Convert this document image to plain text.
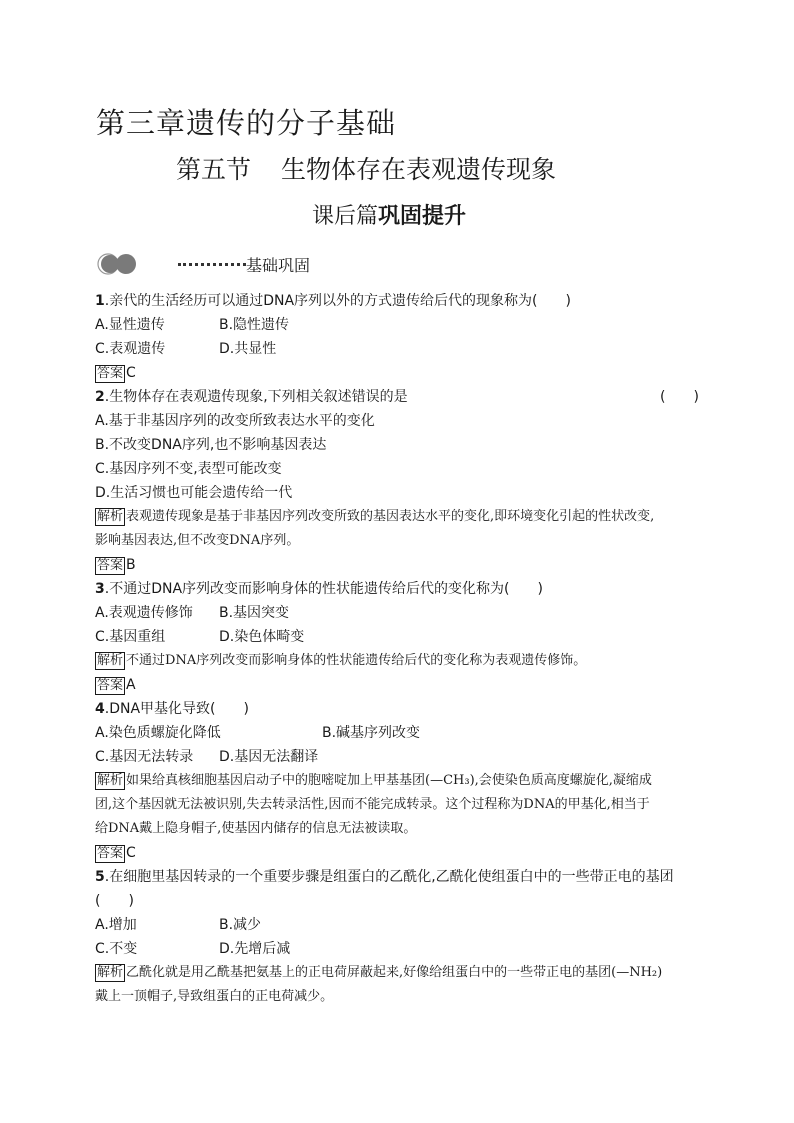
第三章遗传的分子基础
第五节 生物体存在表观遗传现象
课后篇巩固提升
基础巩固
1.亲代的生活经历可以通过DNA序列以外的方式遗传给后代的现象称为(　　)
A.显性遗传	B.隐性遗传
C.表观遗传	D.共显性
答案 C
2.生物体存在表观遗传现象,下列相关叙述错误的是	(　　)
A.基于非基因序列的改变所致表达水平的变化
B.不改变DNA序列,也不影响基因表达
C.基因序列不变,表型可能改变
D.生活习惯也可能会遗传给一代
解析 表观遗传现象是基于非基因序列改变所致的基因表达水平的变化,即环境变化引起的性状改变,
影响基因表达,但不改变DNA序列。
答案 B
3.不通过DNA序列改变而影响身体的性状能遗传给后代的变化称为(　　)
A.表观遗传修饰 B.基因突变
C.基因重组	D.染色体畸变
解析 不通过DNA序列改变而影响身体的性状能遗传给后代的变化称为表观遗传修饰。
答案 A
4.DNA甲基化导致(　　)
A.染色质螺旋化降低	B.碱基序列改变
C.基因无法转录 D.基因无法翻译
解析 如果给真核细胞基因启动子中的胞嘧啶加上甲基基团(—CH₃),会使染色质高度螺旋化,凝缩成
团,这个基因就无法被识别,失去转录活性,因而不能完成转录。这个过程称为DNA的甲基化,相当于
给DNA戴上隐身帽子,使基因内储存的信息无法被读取。
答案 C
5.在细胞里基因转录的一个重要步骤是组蛋白的乙酰化,乙酰化使组蛋白中的一些带正电的基团
(　　)
A.增加	B.减少
C.不变	D.先增后减
解析 乙酰化就是用乙酰基把氨基上的正电荷屏蔽起来,好像给组蛋白中的一些带正电的基团(—NH₂)
戴上一顶帽子,导致组蛋白的正电荷减少。
